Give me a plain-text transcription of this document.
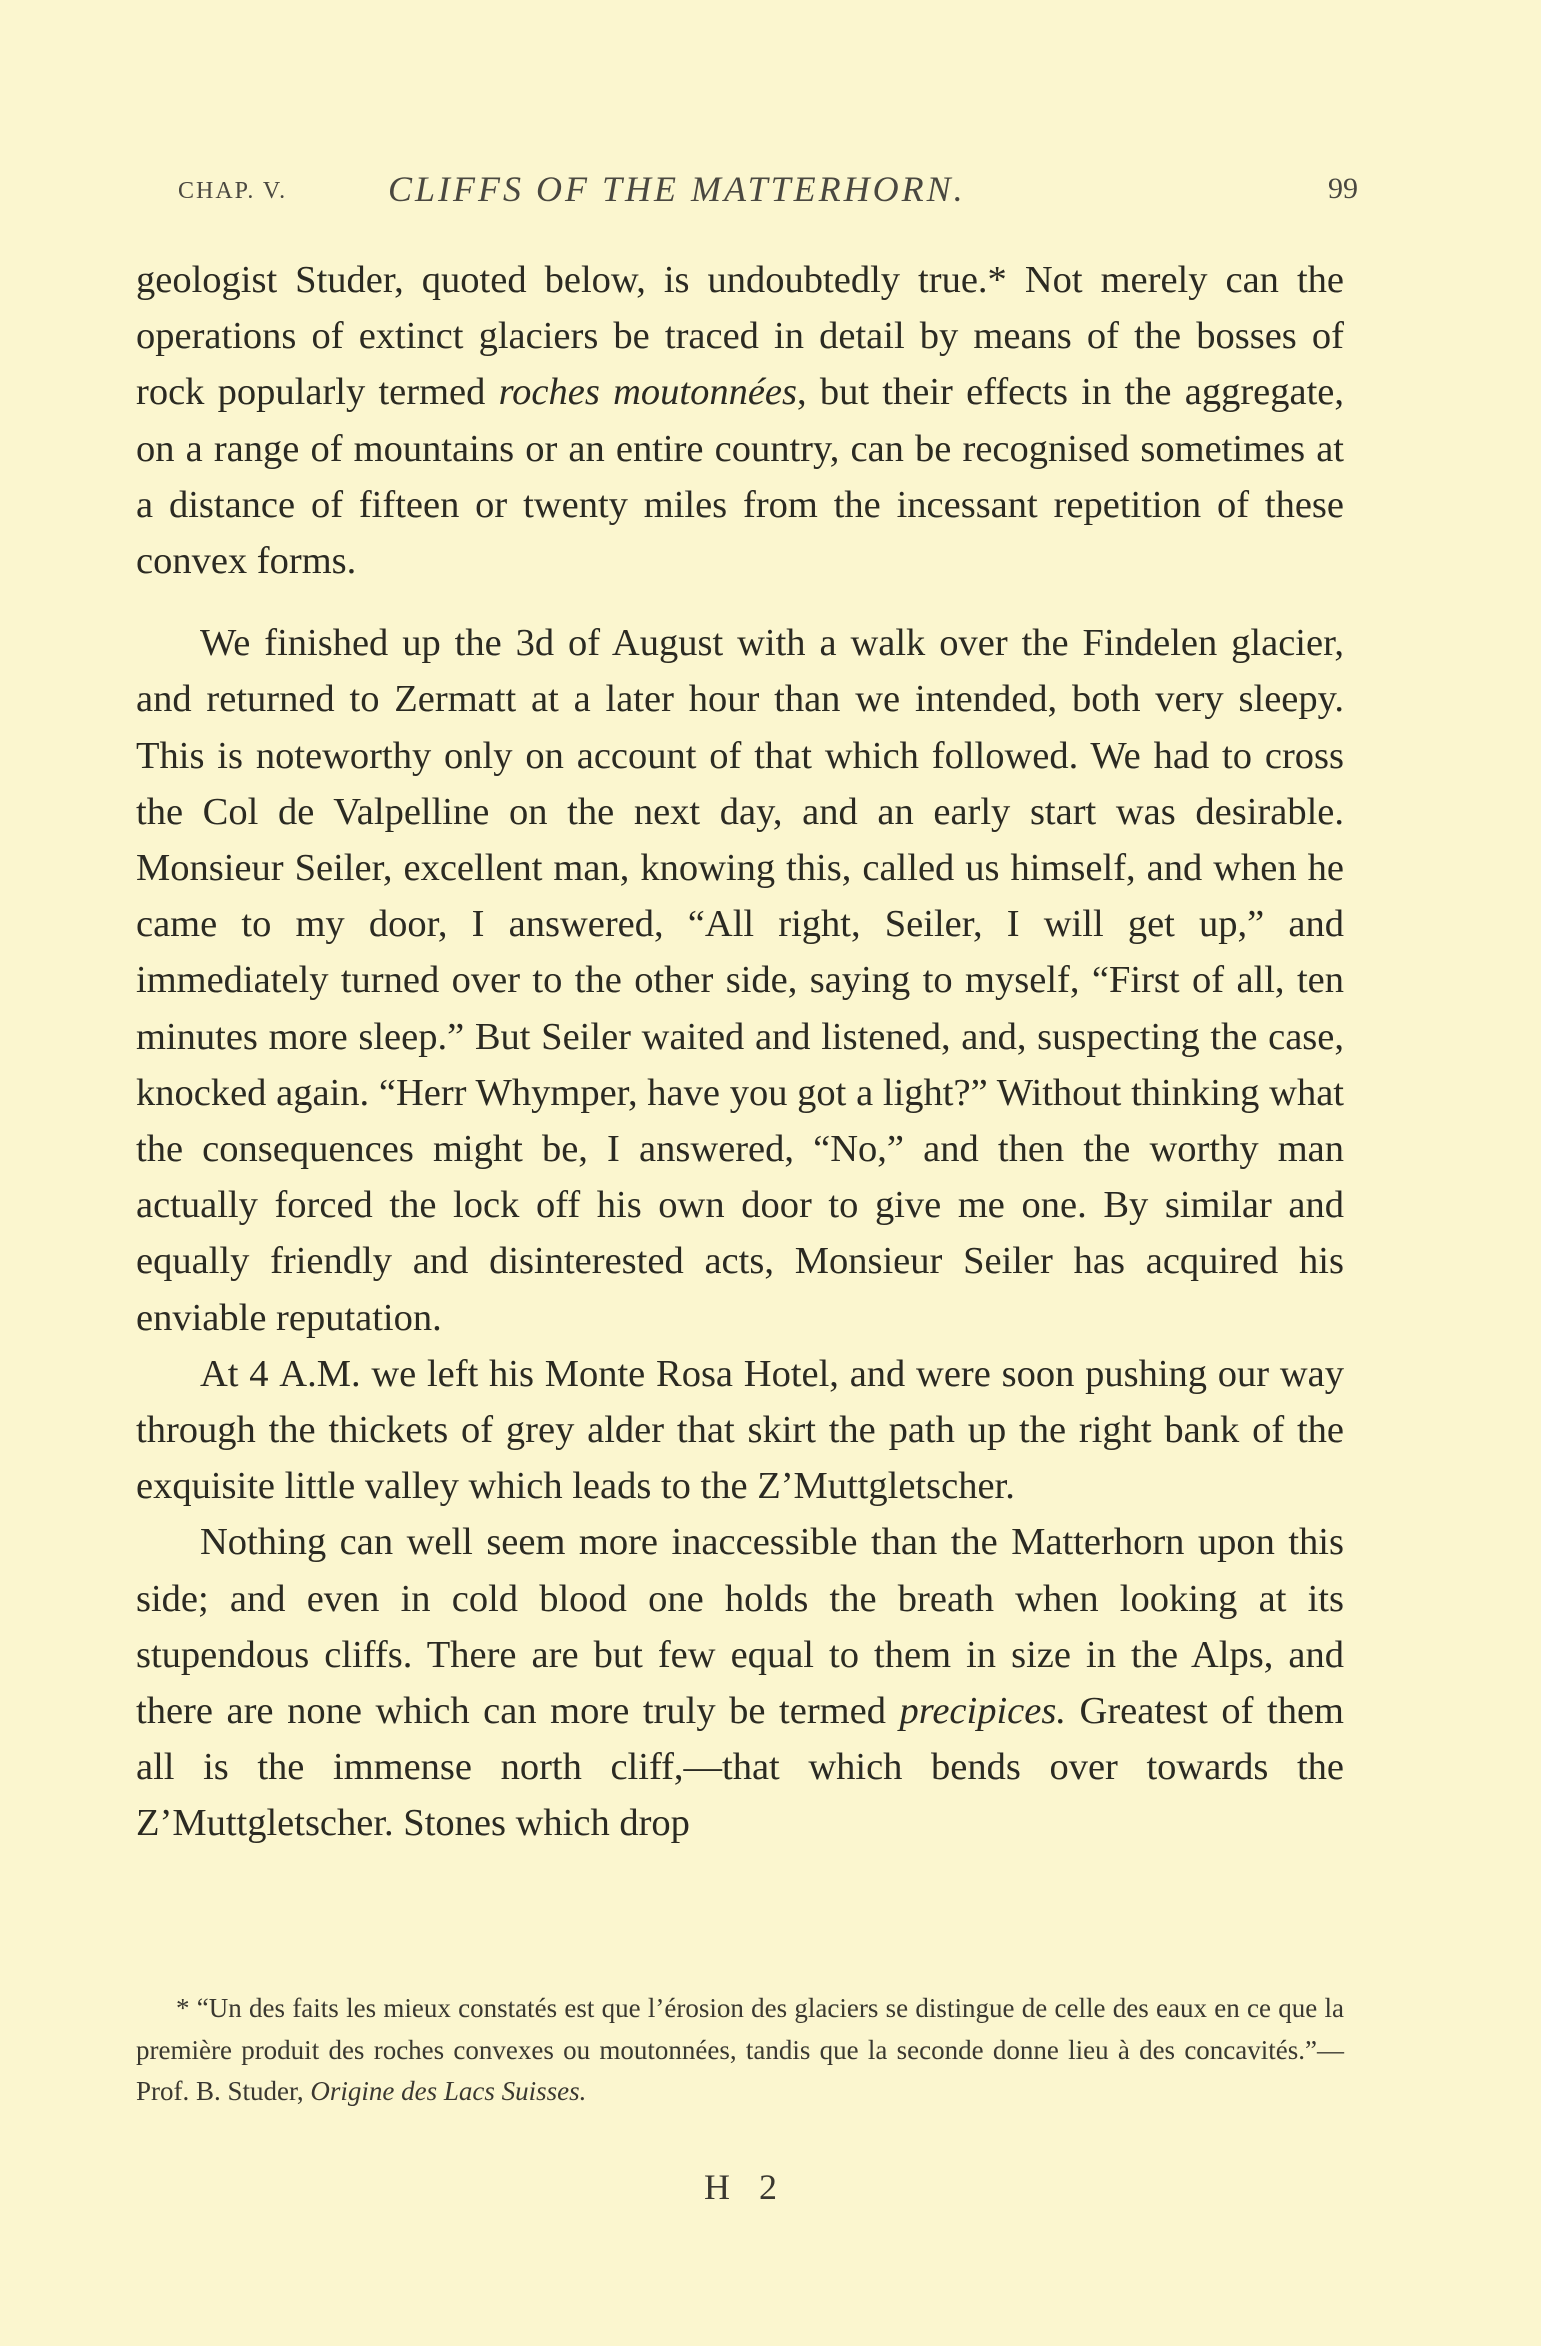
CHAP. V.	CLIFFS OF THE MATTERHORN.	99

geologist Studer, quoted below, is undoubtedly true.* Not merely can the operations of extinct glaciers be traced in detail by means of the bosses of rock popularly termed roches moutonnées, but their effects in the aggregate, on a range of mountains or an entire country, can be recognised sometimes at a distance of fifteen or twenty miles from the incessant repetition of these convex forms.

We finished up the 3d of August with a walk over the Findelen glacier, and returned to Zermatt at a later hour than we intended, both very sleepy. This is noteworthy only on account of that which followed. We had to cross the Col de Valpelline on the next day, and an early start was desirable. Monsieur Seiler, excellent man, knowing this, called us himself, and when he came to my door, I answered, “All right, Seiler, I will get up,” and immediately turned over to the other side, saying to myself, “First of all, ten minutes more sleep.” But Seiler waited and listened, and, suspecting the case, knocked again. “Herr Whymper, have you got a light?” Without thinking what the consequences might be, I answered, “No,” and then the worthy man actually forced the lock off his own door to give me one. By similar and equally friendly and disinterested acts, Monsieur Seiler has acquired his enviable reputation.

At 4 A.M. we left his Monte Rosa Hotel, and were soon pushing our way through the thickets of grey alder that skirt the path up the right bank of the exquisite little valley which leads to the Z’Muttgletscher.

Nothing can well seem more inaccessible than the Matterhorn upon this side; and even in cold blood one holds the breath when looking at its stupendous cliffs. There are but few equal to them in size in the Alps, and there are none which can more truly be termed precipices. Greatest of them all is the immense north cliff,—that which bends over towards the Z’Muttgletscher. Stones which drop

* “Un des faits les mieux constatés est que l’érosion des glaciers se distingue de celle des eaux en ce que la première produit des roches convexes ou moutonnées, tandis que la seconde donne lieu à des concavités.”—Prof. B. Studer, Origine des Lacs Suisses.
H 2
